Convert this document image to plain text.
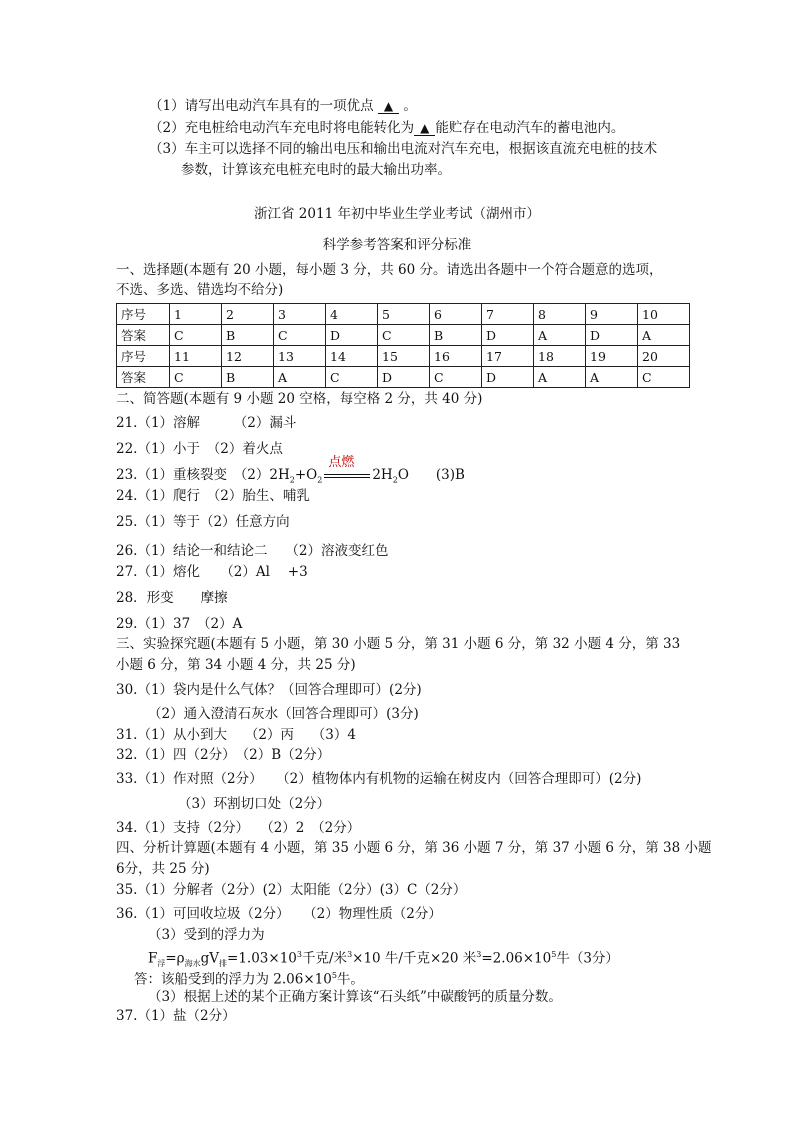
（1）请写出电动汽车具有的一项优点 ▲ 。
（2）充电桩给电动汽车充电时将电能转化为 ▲ 能贮存在电动汽车的蓄电池内。
（3）车主可以选择不同的输出电压和输出电流对汽车充电，根据该直流充电桩的技术
参数，计算该充电桩充电时的最大输出功率。
浙江省 2011 年初中毕业生学业考试（湖州市）
科学参考答案和评分标准
一、选择题(本题有 20 小题，每小题 3 分，共 60 分。请选出各题中一个符合题意的选项，
不选、多选、错选均不给分)
序号	1	2	3	4	5	6	7	8	9	10
答案	C	B	C	D	C	B	D	A	D	A
序号	11	12	13	14	15	16	17	18	19	20
答案	C	B	A	C	D	C	D	A	A	C
二、简答题(本题有 9 小题 20 空格，每空格 2 分，共 40 分)
21.（1）溶解　　　（2）漏斗
22.（1）小于　（2）着火点
23.（1）重核裂变　$(2)2H_2+O_2$
点燃
$2H_2O$　　(3)B
24.（1）爬行　（2）胎生、哺乳
25.（1）等于（2）任意方向
26.（1）结论一和结论二　 （2）溶液变红色
27.（1）熔化　　（2）Al　 +3
28．形变　　摩擦
29.（1）37　（2）A
三、实验探究题(本题有 5 小题，第 30 小题 5 分，第 31 小题 6 分，第 32 小题 4 分，第 33
小题 6 分，第 34 小题 4 分，共 25 分)
30.（1）袋内是什么气体？（回答合理即可）(2分)
（2）通入澄清石灰水（回答合理即可）(3分)
31.（1）从小到大　 （2）丙　 （3）4
32.（1）四（2分）　（2）B（2分）
33.（1）作对照（2分）　　（2）植物体内有机物的运输在树皮内（回答合理即可）(2分)
（3）环割切口处（2分）
34.（1）支持（2分）　 （2）2　（2分）
四、分析计算题(本题有 4 小题，第 35 小题 6 分，第 36 小题 7 分，第 37 小题 6 分，第 38 小题
6分，共 25 分)
35.（1）分解者（2分）(2）太阳能（2分）(3）C（2分）
36.（1）可回收垃圾（2分）　　（2）物理性质（2分）
（3）受到的浮力为
$F_浮=\rho_{海水}gV_排=1.03\times 10^3$千克/米$^3$×10 牛/千克×20 米$^3=2.06\times 10^5$牛（3分）
答：该船受到的浮力为 $2.06\times 10^5$牛。
（3）根据上述的某个正确方案计算该“石头纸”中碳酸钙的质量分数。
37.（1）盐（2分）
